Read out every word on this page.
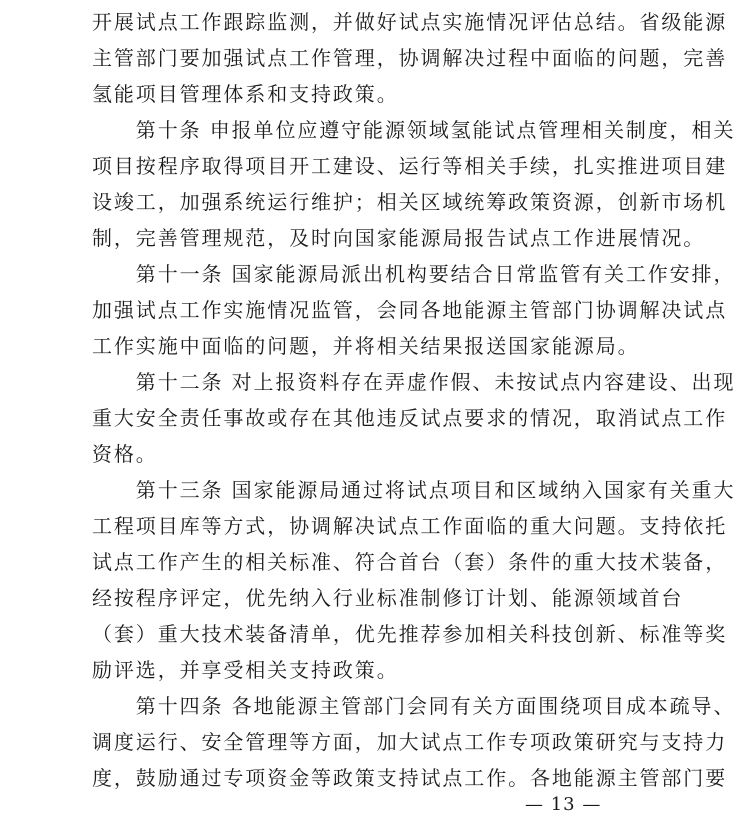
开展试点工作跟踪监测，并做好试点实施情况评估总结。省级能源
主管部门要加强试点工作管理，协调解决过程中面临的问题，完善
氢能项目管理体系和支持政策。
　　第十条 申报单位应遵守能源领域氢能试点管理相关制度，相关
项目按程序取得项目开工建设、运行等相关手续，扎实推进项目建
设竣工，加强系统运行维护；相关区域统筹政策资源，创新市场机
制，完善管理规范，及时向国家能源局报告试点工作进展情况。
　　第十一条 国家能源局派出机构要结合日常监管有关工作安排，
加强试点工作实施情况监管，会同各地能源主管部门协调解决试点
工作实施中面临的问题，并将相关结果报送国家能源局。
　　第十二条 对上报资料存在弄虚作假、未按试点内容建设、出现
重大安全责任事故或存在其他违反试点要求的情况，取消试点工作
资格。
　　第十三条 国家能源局通过将试点项目和区域纳入国家有关重大
工程项目库等方式，协调解决试点工作面临的重大问题。支持依托
试点工作产生的相关标准、符合首台（套）条件的重大技术装备，
经按程序评定，优先纳入行业标准制修订计划、能源领域首台
（套）重大技术装备清单，优先推荐参加相关科技创新、标准等奖
励评选，并享受相关支持政策。
　　第十四条 各地能源主管部门会同有关方面围绕项目成本疏导、
调度运行、安全管理等方面，加大试点工作专项政策研究与支持力
度，鼓励通过专项资金等政策支持试点工作。各地能源主管部门要
— 13 —
